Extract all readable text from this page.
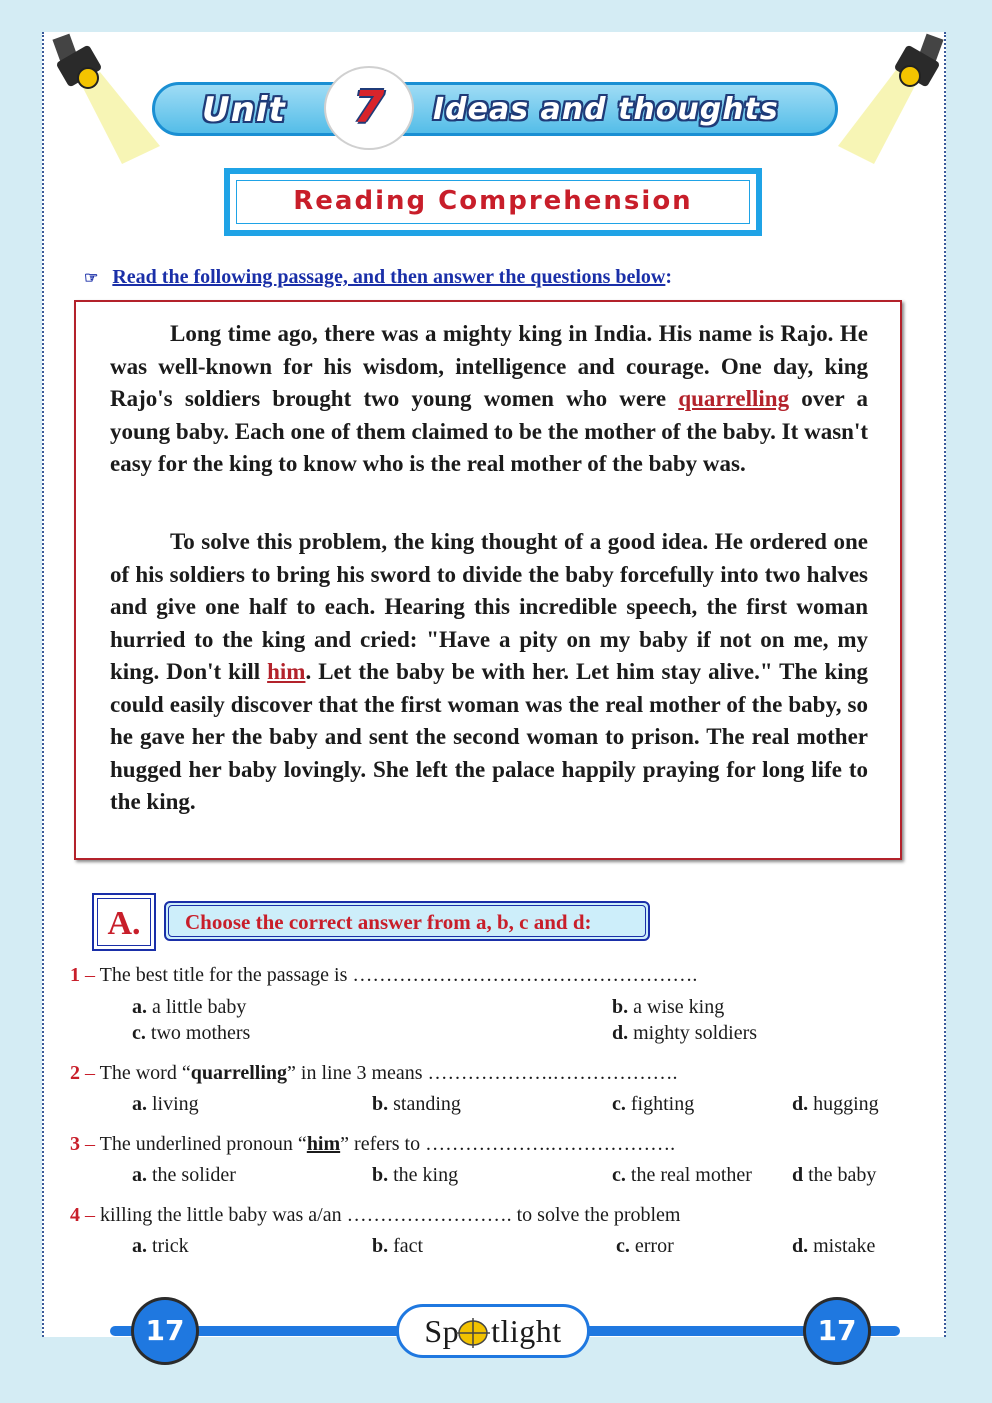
Unit	7	Ideas and thoughts
Reading Comprehension
☞ Read the following passage, and then answer the questions below:

Long time ago, there was a mighty king in India. His name is Rajo. He was well-known for his wisdom, intelligence and courage. One day, king Rajo's soldiers brought two young women who were quarrelling over a young baby. Each one of them claimed to be the mother of the baby. It wasn't easy for the king to know who is the real mother of the baby was.

To solve this problem, the king thought of a good idea. He ordered one of his soldiers to bring his sword to divide the baby forcefully into two halves and give one half to each. Hearing this incredible speech, the first woman hurried to the king and cried: "Have a pity on my baby if not on me, my king. Don't kill him. Let the baby be with her. Let him stay alive." The king could easily discover that the first woman was the real mother of the baby, so he gave her the baby and sent the second woman to prison. The real mother hugged her baby lovingly. She left the palace happily praying for long life to the king.

A.	Choose the correct answer from a, b, c and d:
1 – The best title for the passage is …………………………………………….
a. a little baby	b. a wise king
c. two mothers	d. mighty soldiers
2 – The word “quarrelling” in line 3 means ……………….……………….
a. living	b. standing	c. fighting	d. hugging
3 – The underlined pronoun “him” refers to ……………….……………….
a. the solider	b. the king	c. the real mother d the baby
4 – killing the little baby was a/an ……………………. to solve the problem
a. trick	b. fact	c. error	d. mistake
17	17
Sp tlight
